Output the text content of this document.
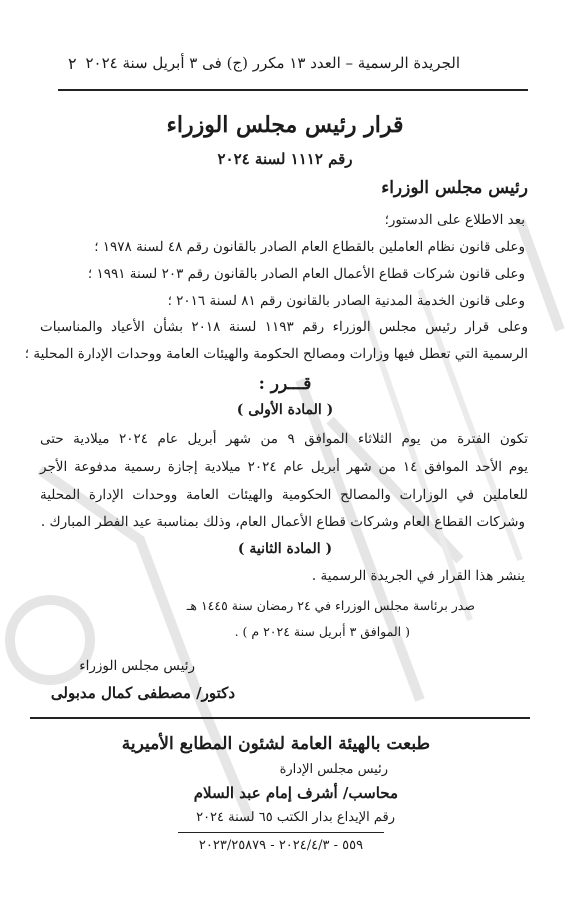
الجريدة الرسمية – العدد ١٣ مكرر (ج) فى ٣ أبريل سنة ٢٠٢٤
٢
قرار رئيس مجلس الوزراء
رقم ١١١٢ لسنة ٢٠٢٤
رئيس مجلس الوزراء
بعد الاطلاع على الدستور؛
وعلى قانون نظام العاملين بالقطاع العام الصادر بالقانون رقم ٤٨ لسنة ١٩٧٨ ؛
وعلى قانون شركات قطاع الأعمال العام الصادر بالقانون رقم ٢٠٣ لسنة ١٩٩١ ؛
وعلى قانون الخدمة المدنية الصادر بالقانون رقم ٨١ لسنة ٢٠١٦ ؛
وعلى قرار رئيس مجلس الوزراء رقم ١١٩٣ لسنة ٢٠١٨ بشأن الأعياد والمناسبات
الرسمية التي تعطل فيها وزارات ومصالح الحكومة والهيئات العامة ووحدات الإدارة المحلية ؛
قـــرر :
( المادة الأولى )
تكون الفترة من يوم الثلاثاء الموافق ٩ من شهر أبريل عام ٢٠٢٤ ميلادية حتى
يوم الأحد الموافق ١٤ من شهر أبريل عام ٢٠٢٤ ميلادية إجازة رسمية مدفوعة الأجر
للعاملين في الوزارات والمصالح الحكومية والهيئات العامة ووحدات الإدارة المحلية
وشركات القطاع العام وشركات قطاع الأعمال العام، وذلك بمناسبة عيد الفطر المبارك .
( المادة الثانية )
ينشر هذا القرار في الجريدة الرسمية .
صدر برئاسة مجلس الوزراء في ٢٤ رمضان سنة ١٤٤٥ هـ
( الموافق ٣ أبريل سنة ٢٠٢٤ م ) .
رئيس مجلس الوزراء
دكتور/ مصطفى كمال مدبولى
طبعت بالهيئة العامة لشئون المطابع الأميرية
رئيس مجلس الإدارة
محاسب/ أشرف إمام عبد السلام
رقم الإيداع بدار الكتب ٦٥ لسنة ٢٠٢٤
٥٥٩ - ٢٠٢٤/٤/٣ - ٢٠٢٣/٢٥٨٧٩
